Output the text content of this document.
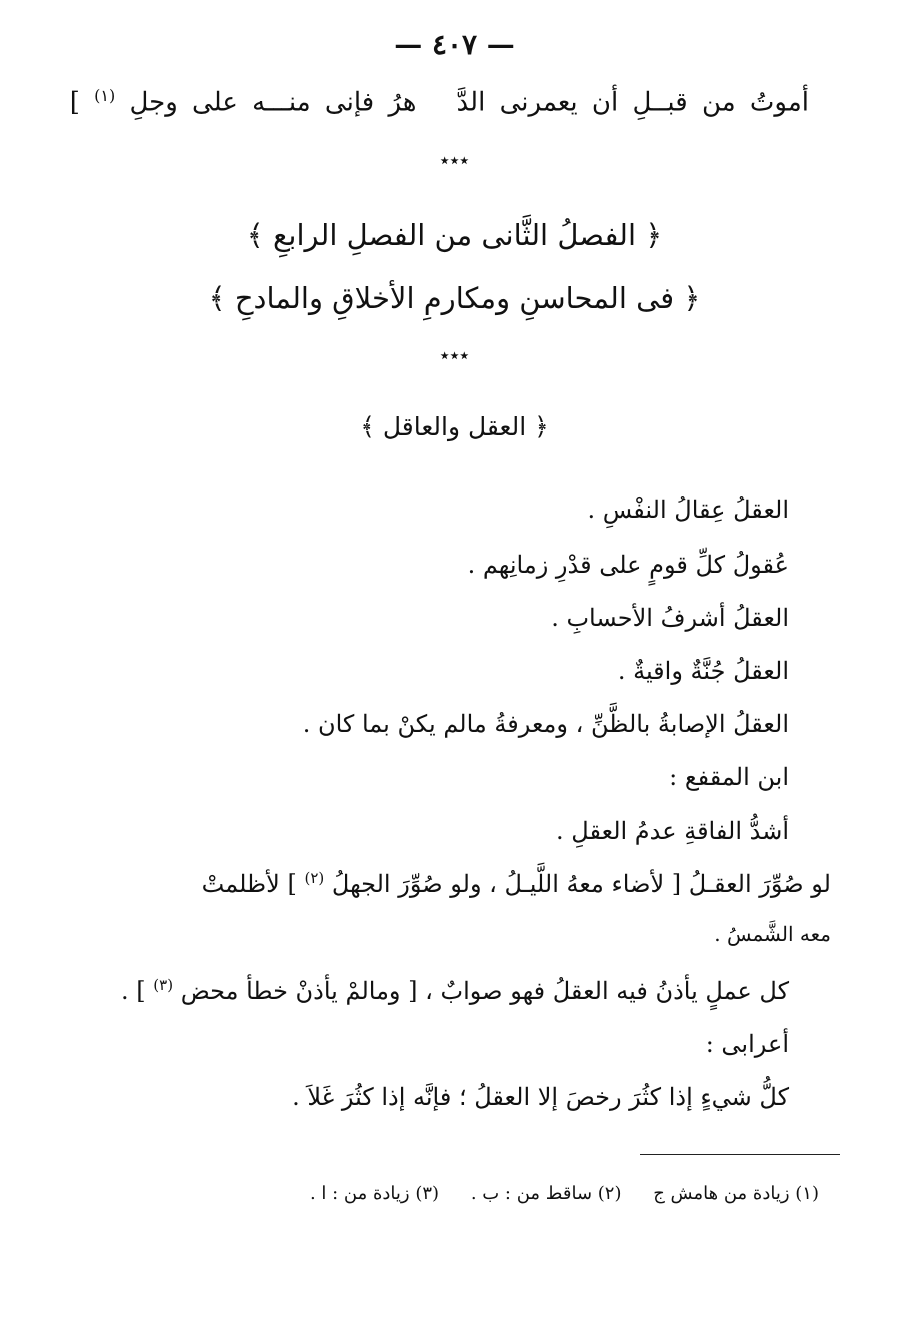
— ٤٠٧ —
أموتُ من قبــلِ أن يعمرنى الدَّهرُ فإنى منـــه على وجلِ $^{(١)}$ ]
٭٭٭
﴿ الفصلُ الثَّانى من الفصلِ الرابعِ ﴾
﴿ فى المحاسنِ ومكارمِ الأخلاقِ والمادحِ ﴾
٭٭٭
﴿ العقل والعاقل ﴾
العقلُ عِقالُ النفْسِ .
عُقولُ كلِّ قومٍ على قدْرِ زمانِهم .
العقلُ أشرفُ الأحسابِ .
العقلُ جُنَّةٌ واقيةٌ .
العقلُ الإصابةُ بالظَّنِّ ، ومعرفةُ مالم يكنْ بما كان .
ابن المقفع :
أشدُّ الفاقةِ عدمُ العقلِ .
لو صُوِّرَ العقـلُ [ لأضاء معهُ اللَّيـلُ ، ولو صُوِّرَ الجهلُ $^{(٢)}$ ] لأظلمتْ
معه الشَّمسُ .
كل عملٍ يأذنُ فيه العقلُ فهو صوابٌ ، [ ومالمْ يأذنْ خطأ محض $^{(٣)}$ ] .
أعرابى :
كلُّ شيءٍ إذا كثُرَ رخصَ إلا العقلُ ؛ فإنَّه إذا كثُرَ غَلاَ .
(١) زيادة من هامش ج (٢) ساقط من : ب . (٣) زيادة من : ا .
